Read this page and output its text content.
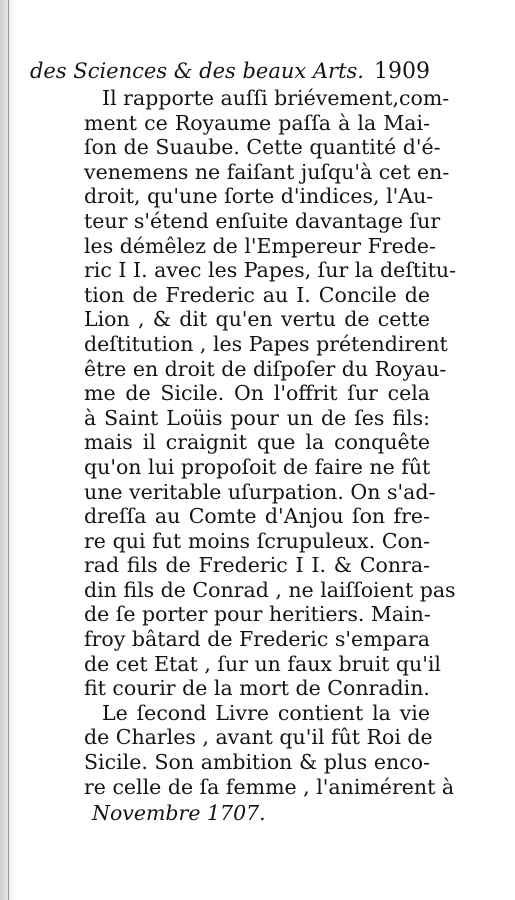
des Sciences & des beaux Arts. 1909
Il rapporte auſſi briévement,com-
ment ce Royaume paſſa à la Mai-
ſon de Suaube. Cette quantité d'é-
venemens ne faiſant juſqu'à cet en-
droit, qu'une ſorte d'indices, l'Au-
teur s'étend enſuite davantage ſur
les démêlez de l'Empereur Frede-
ric I I. avec les Papes, ſur la deſtitu-
tion de Frederic au I. Concile de
Lion , & dit qu'en vertu de cette
deſtitution , les Papes prétendirent
être en droit de diſpoſer du Royau-
me de Sicile. On l'offrit ſur cela
à Saint Loüis pour un de ſes fils:
mais il craignit que la conquête
qu'on lui propoſoit de faire ne fût
une veritable uſurpation. On s'ad-
dreſſa au Comte d'Anjou ſon fre-
re qui fut moins ſcrupuleux. Con-
rad fils de Frederic I I. & Conra-
din fils de Conrad , ne laiſſoient pas
de ſe porter pour heritiers. Main-
froy bâtard de Frederic s'empara
de cet Etat , ſur un faux bruit qu'il
fit courir de la mort de Conradin.
Le ſecond Livre contient la vie
de Charles , avant qu'il fût Roi de
Sicile. Son ambition & plus enco-
re celle de ſa femme , l'animérent à
Novembre 1707.
